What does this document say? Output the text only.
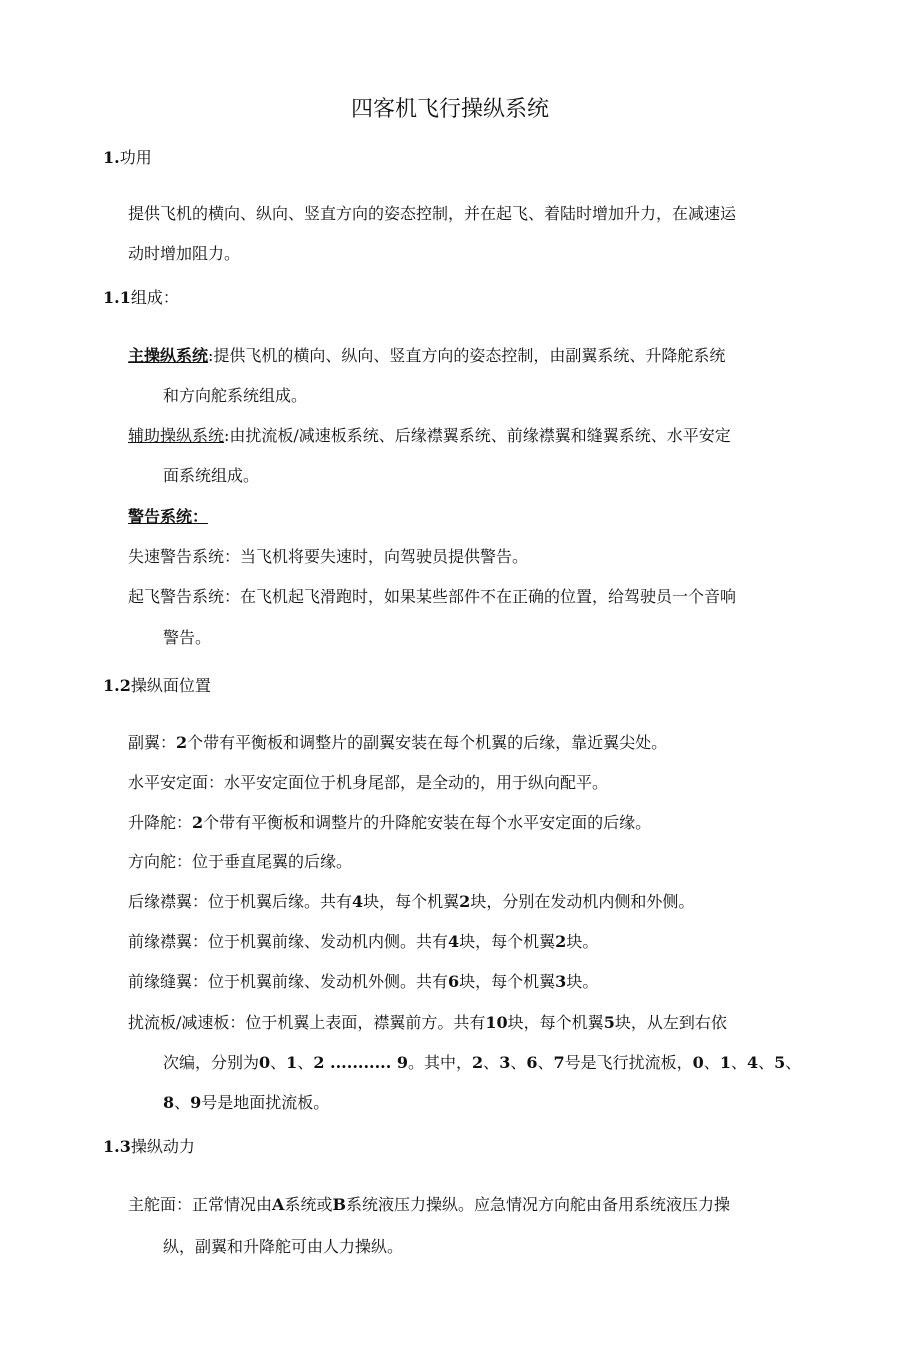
四客机飞行操纵系统
1.功用
提供飞机的横向、纵向、竖直方向的姿态控制，并在起飞、着陆时增加升力，在减速运
动时增加阻力。
1.1组成：
主操纵系统:提供飞机的横向、纵向、竖直方向的姿态控制，由副翼系统、升降舵系统
和方向舵系统组成。
辅助操纵系统:由扰流板/减速板系统、后缘襟翼系统、前缘襟翼和缝翼系统、水平安定
面系统组成。
警告系统：
失速警告系统：当飞机将要失速时，向驾驶员提供警告。
起飞警告系统：在飞机起飞滑跑时，如果某些部件不在正确的位置，给驾驶员一个音响
警告。
1.2操纵面位置
副翼：2个带有平衡板和调整片的副翼安装在每个机翼的后缘，靠近翼尖处。
水平安定面：水平安定面位于机身尾部，是全动的，用于纵向配平。
升降舵：2个带有平衡板和调整片的升降舵安装在每个水平安定面的后缘。
方向舵：位于垂直尾翼的后缘。
后缘襟翼：位于机翼后缘。共有4块，每个机翼2块，分别在发动机内侧和外侧。
前缘襟翼：位于机翼前缘、发动机内侧。共有4块，每个机翼2块。
前缘缝翼：位于机翼前缘、发动机外侧。共有6块，每个机翼3块。
扰流板/减速板：位于机翼上表面，襟翼前方。共有10块，每个机翼5块，从左到右依
次编，分别为0、1、2 ........... 9。其中，2、3、6、7号是飞行扰流板，0、1、4、5、
8、9号是地面扰流板。
1.3操纵动力
主舵面：正常情况由A系统或B系统液压力操纵。应急情况方向舵由备用系统液压力操
纵，副翼和升降舵可由人力操纵。
